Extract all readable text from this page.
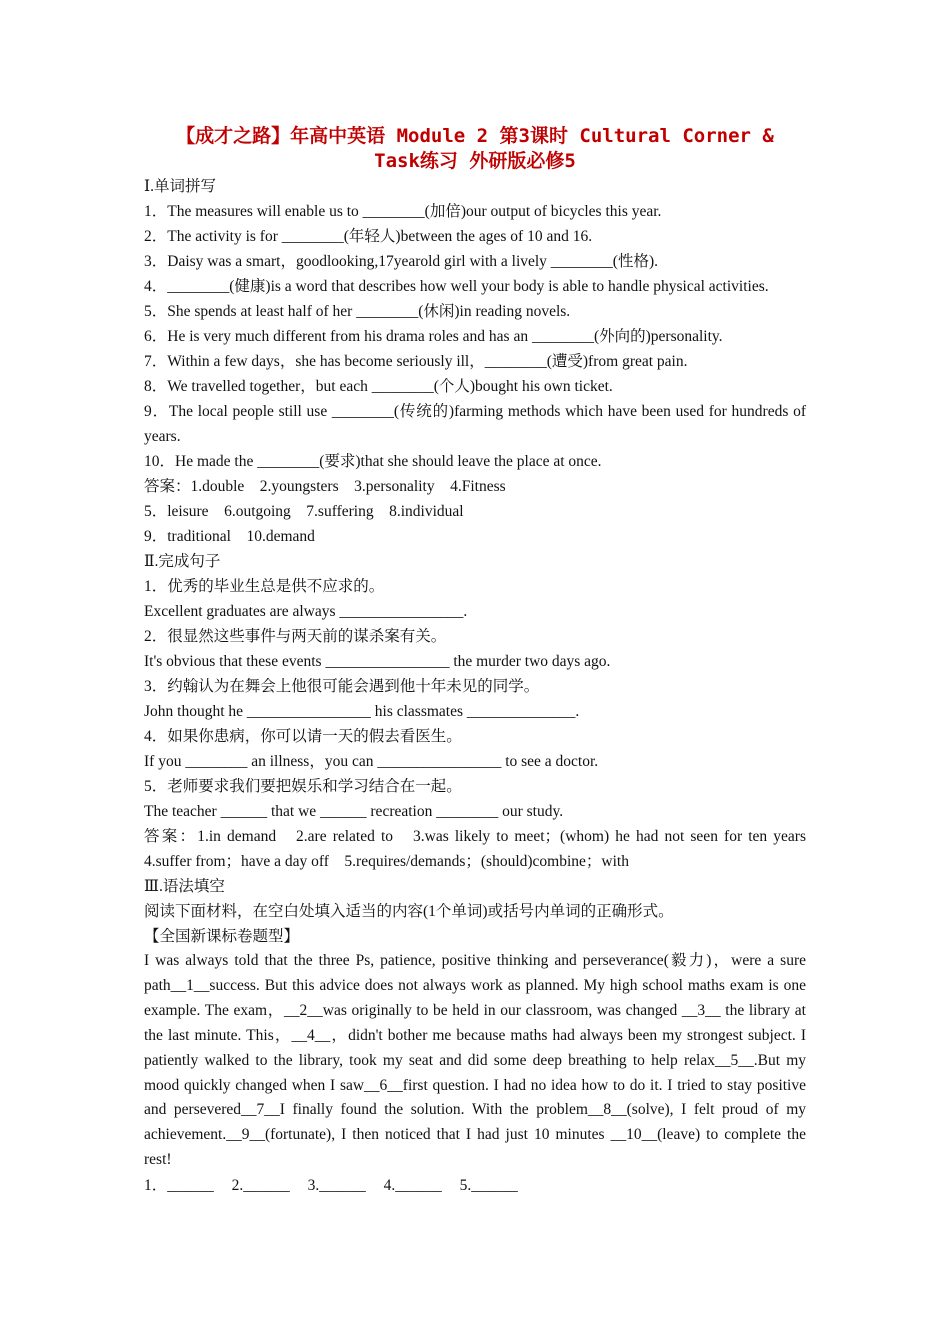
【成才之路】年高中英语 Module 2 第3课时 Cultural Corner &
Task练习 外研版必修5
Ⅰ.单词拼写
1．The measures will enable us to ________(加倍)our output of bicycles this year.
2．The activity is for ________(年轻人)between the ages of 10 and 16.
3．Daisy was a smart，goodlooking,17yearold girl with a lively ________(性格).
4．________(健康)is a word that describes how well your body is able to handle physical activities.
5．She spends at least half of her ________(休闲)in reading novels.
6．He is very much different from his drama roles and has an ________(外向的)personality.
7．Within a few days，she has become seriously ill，________(遭受)from great pain.
8．We travelled together，but each ________(个人)bought his own ticket.
9．The local people still use ________(传统的)farming methods which have been used for hundreds of years.
10．He made the ________(要求)that she should leave the place at once.
答案：1.double　2.youngsters　3.personality　4.Fitness
5．leisure　6.outgoing　7.suffering　8.individual
9．traditional　10.demand
Ⅱ.完成句子
1．优秀的毕业生总是供不应求的。
Excellent graduates are always ________________.
2．很显然这些事件与两天前的谋杀案有关。
It's obvious that these events ________________ the murder two days ago.
3．约翰认为在舞会上他很可能会遇到他十年未见的同学。
John thought he ________________ his classmates ______________.
4．如果你患病，你可以请一天的假去看医生。
If you ________ an illness，you can ________________ to see a doctor.
5．老师要求我们要把娱乐和学习结合在一起。
The teacher ______ that we ______ recreation ________ our study.
答案：1.in demand　2.are related to　3.was likely to meet；(whom) he had not seen for ten years　4.suffer from；have a day off　5.requires/demands；(should)combine；with
Ⅲ.语法填空
阅读下面材料，在空白处填入适当的内容(1个单词)或括号内单词的正确形式。
【全国新课标卷题型】
I was always told that the three Ps, patience, positive thinking and perseverance(毅力)，were a sure path__1__success. But this advice does not always work as planned. My high school maths exam is one example. The exam，__2__was originally to be held in our classroom, was changed __3__ the library at the last minute. This，__4__，didn't bother me because maths had always been my strongest subject. I patiently walked to the library, took my seat and did some deep breathing to help relax__5__.But my mood quickly changed when I saw__6__first question. I had no idea how to do it. I tried to stay positive and persevered__7__I finally found the solution. With the problem__8__(solve), I felt proud of my achievement.__9__(fortunate), I then noticed that I had just 10 minutes __10__(leave) to complete the rest!
1．______ 2.______ 3.______ 4.______ 5.______
